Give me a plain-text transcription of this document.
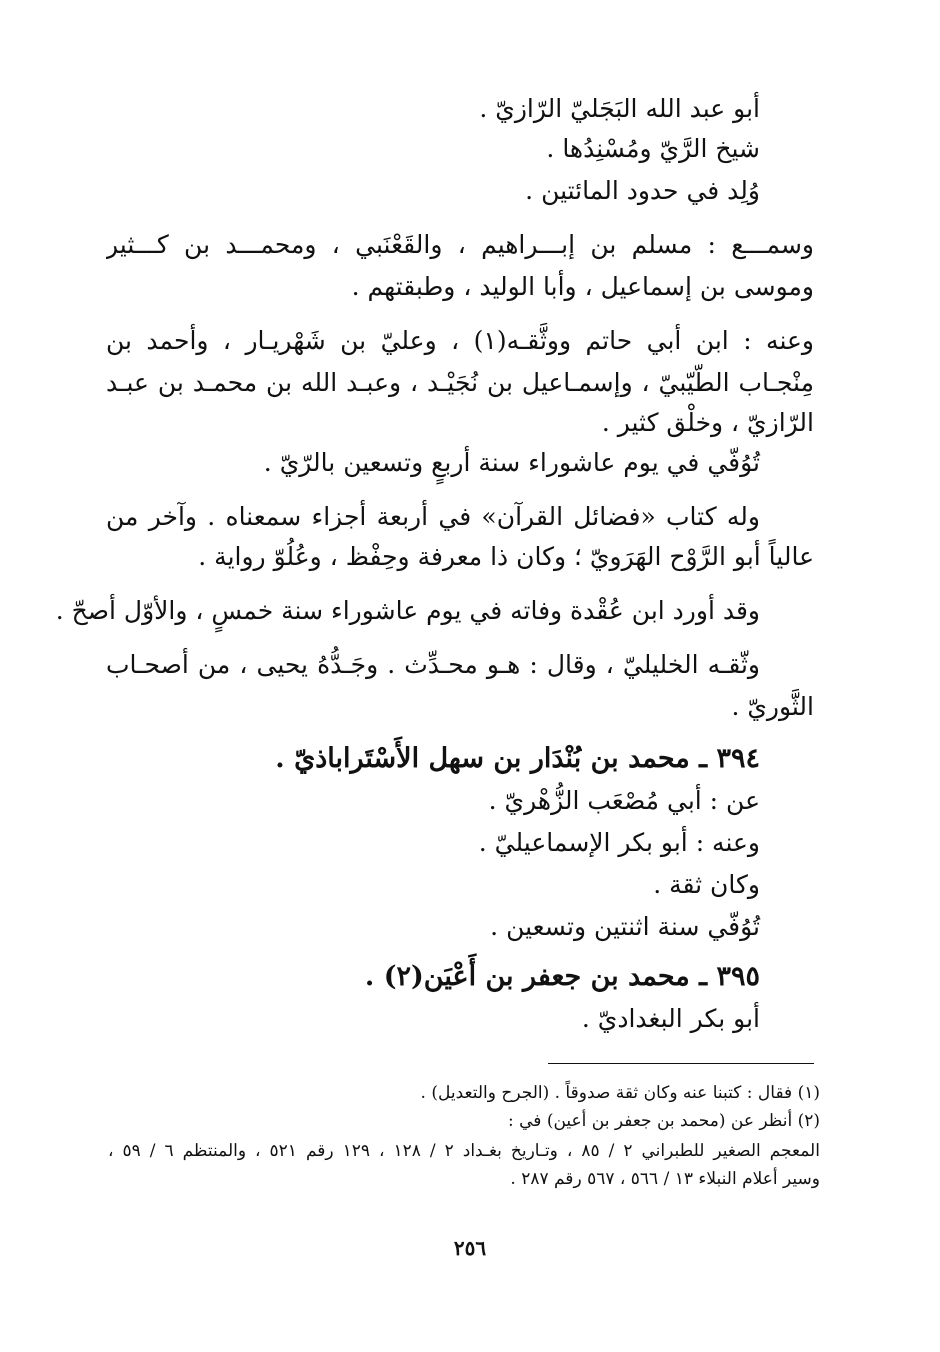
أبو عبد الله البَجَليّ الرّازيّ .

شيخ الرَّيّ ومُسْنِدُها .

وُلِد في حدود المائتين .

وسمـــع : مسلم بن إبـــراهيم ، والقَعْنَبي ، ومحمـــد بن كـــثير

وموسى بن إسماعيل ، وأبا الوليد ، وطبقتهم .

وعنه : ابن أبي حاتم ووثَّقـه(١) ، وعليّ بن شَهْريـار ، وأحمد بن

مِنْجـاب الطَّيّبيّ ، وإسمـاعيل بن نُجَيْـد ، وعبـد الله بن محمـد بن عبـد

الرّازيّ ، وخلْق كثير .

تُوُفّي في يوم عاشوراء سنة أربعٍ وتسعين بالرّيّ .

وله كتاب «فضائل القرآن» في أربعة أجزاء سمعناه . وآخر من

عالياً أبو الرَّوْح الهَرَويّ ؛ وكان ذا معرفة وحِفْظ ، وعُلُوّ رواية .

وقد أورد ابن عُقْدة وفاته في يوم عاشوراء سنة خمسٍ ، والأوّل أصحّ .

وثّقـه الخليليّ ، وقال : هـو محـدِّث . وجَـدُّهُ يحيى ، من أصحـاب

الثَّوريّ .

٣٩٤ ـ محمد بن بُنْدَار بن سهل الأَسْتَراباذيّ .

عن : أبي مُصْعَب الزُّهْريّ .

وعنه : أبو بكر الإسماعيليّ .

وكان ثقة .

تُوُفّي سنة اثنتين وتسعين .

٣٩٥ ـ محمد بن جعفر بن أَعْيَن(٢) .

أبو بكر البغداديّ .

(١) فقال : كتبنا عنه وكان ثقة صدوقاً . (الجرح والتعديل) .

(٢) أنظر عن (محمد بن جعفر بن أعين) في :

المعجم الصغير للطبراني ٢ / ٨٥ ، وتـاريخ بغـداد ٢ / ١٢٨ ، ١٢٩ رقم ٥٢١ ، والمنتظم ٦ / ٥٩ ،

وسير أعلام النبلاء ١٣ / ٥٦٦ ، ٥٦٧ رقم ٢٨٧ .

٢٥٦
